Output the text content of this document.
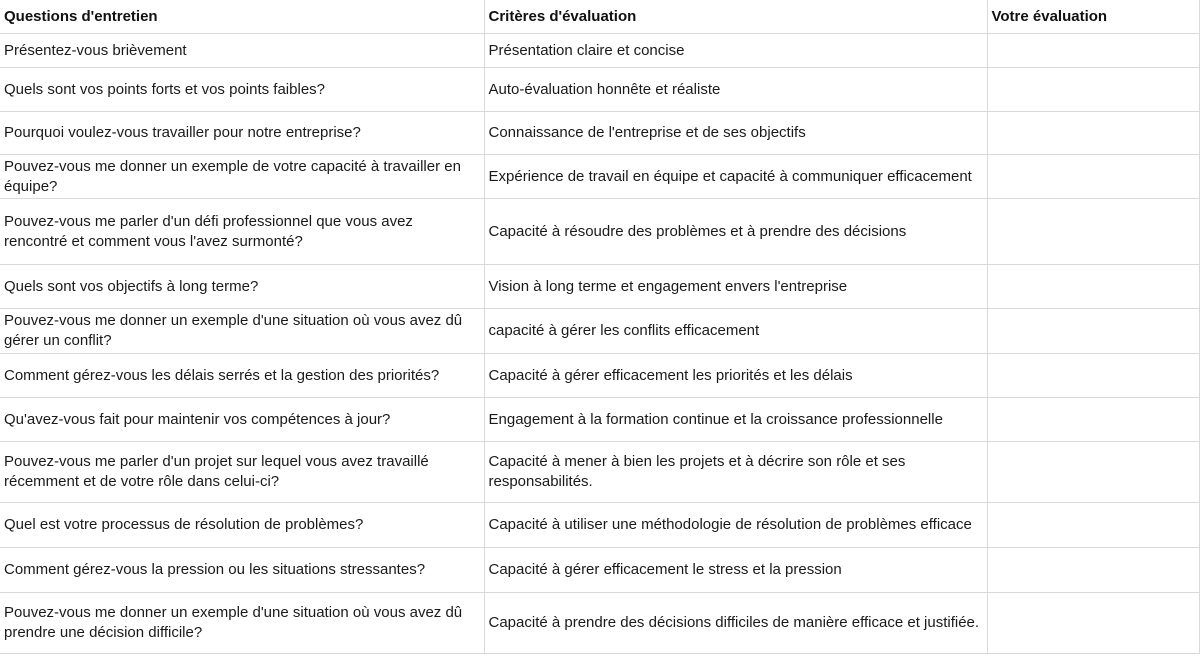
Questions d'entretien	Critères d'évaluation	Votre évaluation
Présentez-vous brièvement	Présentation claire et concise	
Quels sont vos points forts et vos points faibles?	Auto-évaluation honnête et réaliste	
Pourquoi voulez-vous travailler pour notre entreprise?	Connaissance de l'entreprise et de ses objectifs	
Pouvez-vous me donner un exemple de votre capacité à travailler en équipe?	Expérience de travail en équipe et capacité à communiquer efficacement	
Pouvez-vous me parler d'un défi professionnel que vous avez rencontré et comment vous l'avez surmonté?	Capacité à résoudre des problèmes et à prendre des décisions	
Quels sont vos objectifs à long terme?	Vision à long terme et engagement envers l'entreprise	
Pouvez-vous me donner un exemple d'une situation où vous avez dû gérer un conflit?	capacité à gérer les conflits efficacement	
Comment gérez-vous les délais serrés et la gestion des priorités?	Capacité à gérer efficacement les priorités et les délais	
Qu'avez-vous fait pour maintenir vos compétences à jour?	Engagement à la formation continue et la croissance professionnelle	
Pouvez-vous me parler d'un projet sur lequel vous avez travaillé récemment et de votre rôle dans celui-ci?	Capacité à mener à bien les projets et à décrire son rôle et ses responsabilités.	
Quel est votre processus de résolution de problèmes?	Capacité à utiliser une méthodologie de résolution de problèmes efficace	
Comment gérez-vous la pression ou les situations stressantes?	Capacité à gérer efficacement le stress et la pression	
Pouvez-vous me donner un exemple d'une situation où vous avez dû prendre une décision difficile?	Capacité à prendre des décisions difficiles de manière efficace et justifiée.	
